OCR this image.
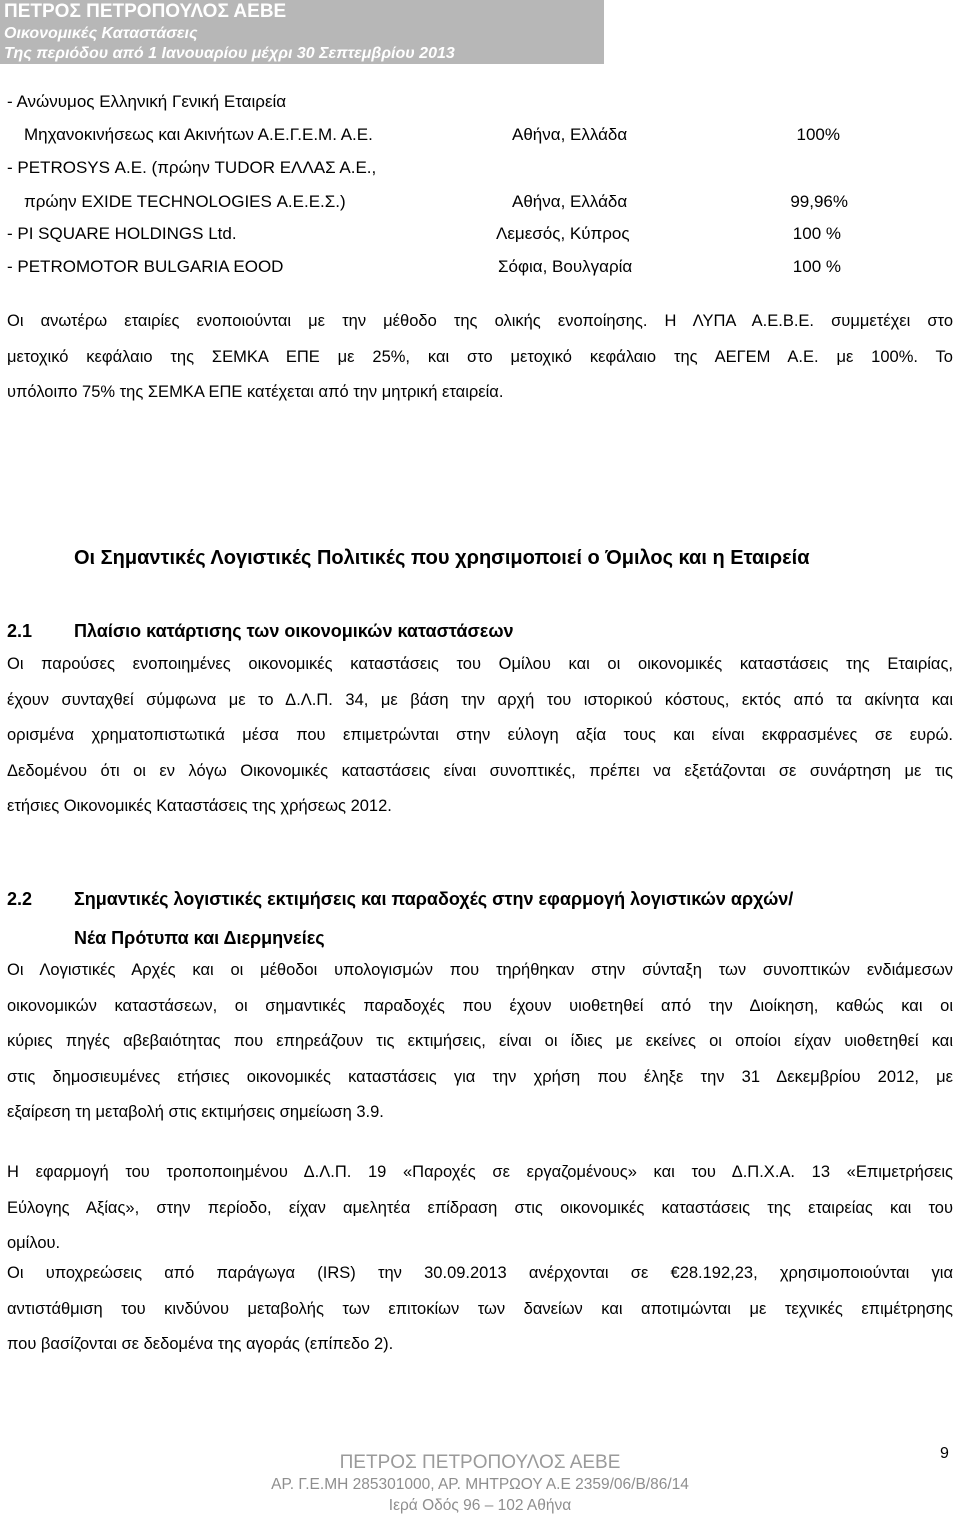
ΠΕΤΡΟΣ ΠΕΤΡΟΠΟΥΛΟΣ ΑΕΒΕ
Οικονομικές Καταστάσεις
Της περιόδου από 1 Ιανουαρίου μέχρι 30 Σεπτεμβρίου 2013
- Ανώνυμος Ελληνική Γενική Εταιρεία
Μηχανοκινήσεως και Ακινήτων Α.Ε.Γ.Ε.Μ. Α.Ε.	Αθήνα, Ελλάδα	100%
- PETROSYS Α.Ε. (πρώην TUDOR ΕΛΛΑΣ Α.Ε.,
πρώην EXIDE TECHNOLOGIES Α.Ε.Ε.Σ.)	Αθήνα, Ελλάδα	99,96%
- PI SQUARE HOLDINGS Ltd.	Λεμεσός, Κύπρος	100 %
- PETROMOTOR BULGARIA EOOD	Σόφια, Βουλγαρία	100 %
Οι ανωτέρω εταιρίες ενοποιούνται με την μέθοδο της ολικής ενοποίησης. Η ΛΥΠΑ Α.Ε.Β.Ε. συμμετέχει στο
μετοχικό κεφάλαιο της ΣΕΜΚΑ ΕΠΕ με 25%, και στο μετοχικό κεφάλαιο της ΑΕΓΕΜ Α.Ε. με 100%. Το
υπόλοιπο 75% της ΣΕΜΚΑ ΕΠΕ κατέχεται από την μητρική εταιρεία.
Οι Σημαντικές Λογιστικές Πολιτικές που χρησιμοποιεί ο Όμιλος και η Εταιρεία
2.1 Πλαίσιο κατάρτισης των οικονομικών καταστάσεων
Οι παρούσες ενοποιημένες οικονομικές καταστάσεις του Ομίλου και οι οικονομικές καταστάσεις της Εταιρίας,
έχουν συνταχθεί σύμφωνα με το Δ.Λ.Π. 34, με βάση την αρχή του ιστορικού κόστους, εκτός από τα ακίνητα και
ορισμένα χρηματοπιστωτικά μέσα που επιμετρώνται στην εύλογη αξία τους και είναι εκφρασμένες σε ευρώ.
Δεδομένου ότι οι εν λόγω Οικονομικές καταστάσεις είναι συνοπτικές, πρέπει να εξετάζονται σε συνάρτηση με τις
ετήσιες Οικονομικές Καταστάσεις της χρήσεως 2012.
2.2 Σημαντικές λογιστικές εκτιμήσεις και παραδοχές στην εφαρμογή λογιστικών αρχών/
Νέα Πρότυπα και Διερμηνείες
Οι Λογιστικές Αρχές και οι μέθοδοι υπολογισμών που τηρήθηκαν στην σύνταξη των συνοπτικών ενδιάμεσων
οικονομικών καταστάσεων, οι σημαντικές παραδοχές που έχουν υιοθετηθεί από την Διοίκηση, καθώς και οι
κύριες πηγές αβεβαιότητας που επηρεάζουν τις εκτιμήσεις, είναι οι ίδιες με εκείνες οι οποίοι είχαν υιοθετηθεί και
στις δημοσιευμένες ετήσιες οικονομικές καταστάσεις για την χρήση που έληξε την 31 Δεκεμβρίου 2012, με
εξαίρεση τη μεταβολή στις εκτιμήσεις σημείωση 3.9.
Η εφαρμογή του τροποποιημένου Δ.Λ.Π. 19 «Παροχές σε εργαζομένους» και του Δ.Π.Χ.Α. 13 «Επιμετρήσεις
Εύλογης Αξίας», στην περίοδο, είχαν αμελητέα επίδραση στις οικονομικές καταστάσεις της εταιρείας και του
ομίλου.
Οι υποχρεώσεις από παράγωγα (IRS) την 30.09.2013 ανέρχονται σε €28.192,23, χρησιμοποιούνται για
αντιστάθμιση του κινδύνου μεταβολής των επιτοκίων των δανείων και αποτιμώνται με τεχνικές επιμέτρησης
που βασίζονται σε δεδομένα της αγοράς (επίπεδο 2).
ΠΕΤΡΟΣ ΠΕΤΡΟΠΟΥΛΟΣ ΑΕΒΕ
ΑΡ. Γ.Ε.ΜΗ 285301000, ΑΡ. ΜΗΤΡΩΟΥ Α.Ε 2359/06/Β/86/14
Ιερά Οδός 96 – 102 Αθήνα
9
